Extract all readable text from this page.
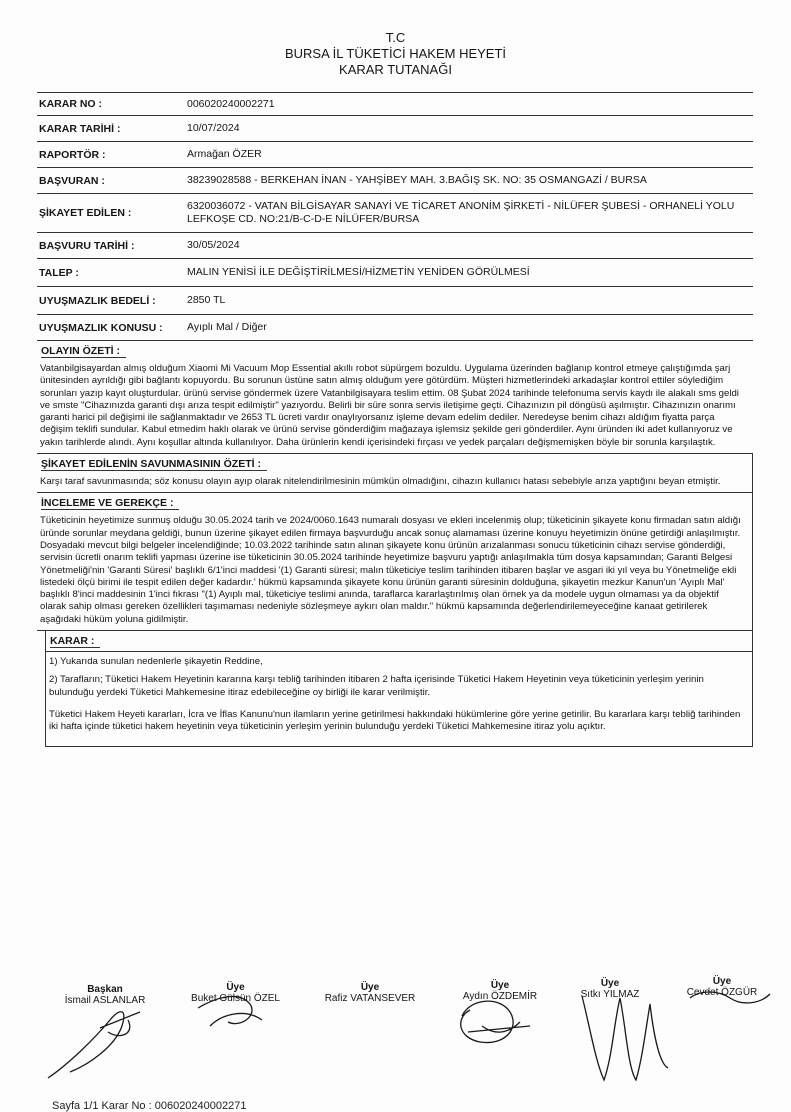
T.C
BURSA İL TÜKETİCİ HAKEM HEYETİ
KARAR TUTANAĞI
KARAR NO :	006020240002271
KARAR TARİHİ :	10/07/2024
RAPORTÖR :	Armağan ÖZER
BAŞVURAN :	38239028588 - BERKEHAN İNAN - YAHŞİBEY MAH. 3.BAĞIŞ SK. NO: 35 OSMANGAZİ / BURSA
ŞİKAYET EDİLEN :
6320036072 - VATAN BİLGİSAYAR SANAYİ VE TİCARET ANONİM ŞİRKETİ - NİLÜFER ŞUBESİ - ORHANELİ YOLU LEFKOŞE CD. NO:21/B-C-D-E NİLÜFER/BURSA
BAŞVURU TARİHİ :	30/05/2024
TALEP :	MALIN YENİSİ İLE DEĞİŞTİRİLMESİ/HİZMETİN YENİDEN GÖRÜLMESİ
UYUŞMAZLIK BEDELİ :	2850 TL
UYUŞMAZLIK KONUSU :	Ayıplı Mal / Diğer
OLAYIN ÖZETİ :
Vatanbilgisayardan almış olduğum Xiaomi Mi Vacuum Mop Essential akıllı robot süpürgem bozuldu. Uygulama üzerinden bağlanıp kontrol etmeye çalıştığımda şarj ünitesinden ayrıldığı gibi bağlantı kopuyordu. Bu sorunun üstüne satın almış olduğum yere götürdüm. Müşteri hizmetlerindeki arkadaşlar kontrol ettiler söylediğim sorunları yazıp kayıt oluşturdular. ürünü servise göndermek üzere Vatanbilgisayara teslim ettim. 08 Şubat 2024 tarihinde telefonuma servis kaydı ile alakalı sms geldi ve smste "Cihazınızda garanti dışı arıza tespit edilmiştir" yazıyordu. Belirli bir süre sonra servis iletişime geçti. Cihazınızın pil döngüsü aşılmıştır. Cihazınızın onarımı garanti harici pil değişimi ile sağlanmaktadır ve 2653 TL ücreti vardır onaylıyorsanız işleme devam edelim dediler. Neredeyse benim cihazı aldığım fiyatta parça değişim teklifi sundular. Kabul etmedim haklı olarak ve ürünü servise gönderdiğim mağazaya işlemsiz şekilde geri gönderdiler. Aynı üründen iki adet kullanıyoruz ve yakın tarihlerde alındı. Aynı koşullar altında kullanılıyor. Daha ürünlerin kendi içerisindeki fırçası ve yedek parçaları değişmemişken böyle bir sorunla karşılaştık.
ŞİKAYET EDİLENİN SAVUNMASININ ÖZETİ :
Karşı taraf savunmasında; söz konusu olayın ayıp olarak nitelendirilmesinin mümkün olmadığını, cihazın kullanıcı hatası sebebiyle arıza yaptığını beyan etmiştir.
İNCELEME VE GEREKÇE :
Tüketicinin heyetimize sunmuş olduğu 30.05.2024 tarih ve 2024/0060.1643 numaralı dosyası ve ekleri incelenmiş olup; tüketicinin şikayete konu firmadan satın aldığı üründe sorunlar meydana geldiği, bunun üzerine şikayet edilen firmaya başvurduğu ancak sonuç alamaması üzerine konuyu heyetimizin önüne getirdiği anlaşılmıştır. Dosyadaki mevcut bilgi belgeler incelendiğinde; 10.03.2022 tarihinde satın alınan şikayete konu ürünün arızalanması sonucu tüketicinin cihazı servise gönderdiği, servisin ücretli onarım teklifi yapması üzerine ise tüketicinin 30.05.2024 tarihinde heyetimize başvuru yaptığı anlaşılmakla tüm dosya kapsamından; Garanti Belgesi Yönetmeliği'nin 'Garanti Süresi' başlıklı 6/1'inci maddesi '(1) Garanti süresi; malın tüketiciye teslim tarihinden itibaren başlar ve asgari iki yıl veya bu Yönetmeliğe ekli listedeki ölçü birimi ile tespit edilen değer kadardır.' hükmü kapsamında şikayete konu ürünün garanti süresinin dolduğuna, şikayetin mezkur Kanun'un 'Ayıplı Mal' başlıklı 8'inci maddesinin 1'inci fıkrası "(1) Ayıplı mal, tüketiciye teslimi anında, taraflarca kararlaştırılmış olan örnek ya da modele uygun olmaması ya da objektif olarak sahip olması gereken özellikleri taşımaması nedeniyle sözleşmeye aykırı olan maldır." hükmü kapsamında değerlendirilemeyeceğine kanaat getirilerek aşağıdaki hüküm yoluna gidilmiştir.
KARAR :
1) Yukarıda sunulan nedenlerle şikayetin Reddine,
2) Tarafların; Tüketici Hakem Heyetinin kararına karşı tebliğ tarihinden itibaren 2 hafta içerisinde Tüketici Hakem Heyetinin veya tüketicinin yerleşim yerinin bulunduğu yerdeki Tüketici Mahkemesine itiraz edebileceğine oy birliği ile karar verilmiştir.
Tüketici Hakem Heyeti kararları, İcra ve İflas Kanunu'nun ilamların yerine getirilmesi hakkındaki hükümlerine göre yerine getirilir. Bu kararlara karşı tebliğ tarihinden iki hafta içinde tüketici hakem heyetinin veya tüketicinin yerleşim yerinin bulunduğu yerdeki Tüketici Mahkemesine itiraz yolu açıktır.
Başkan
İsmail ASLANLAR
Üye
Buket Gülsün ÖZEL
Üye
Rafiz VATANSEVER
Üye
Aydın ÖZDEMİR
Üye
Sıtkı YILMAZ
Üye
Cevdet ÖZGÜR
Sayfa 1/1 Karar No : 006020240002271
